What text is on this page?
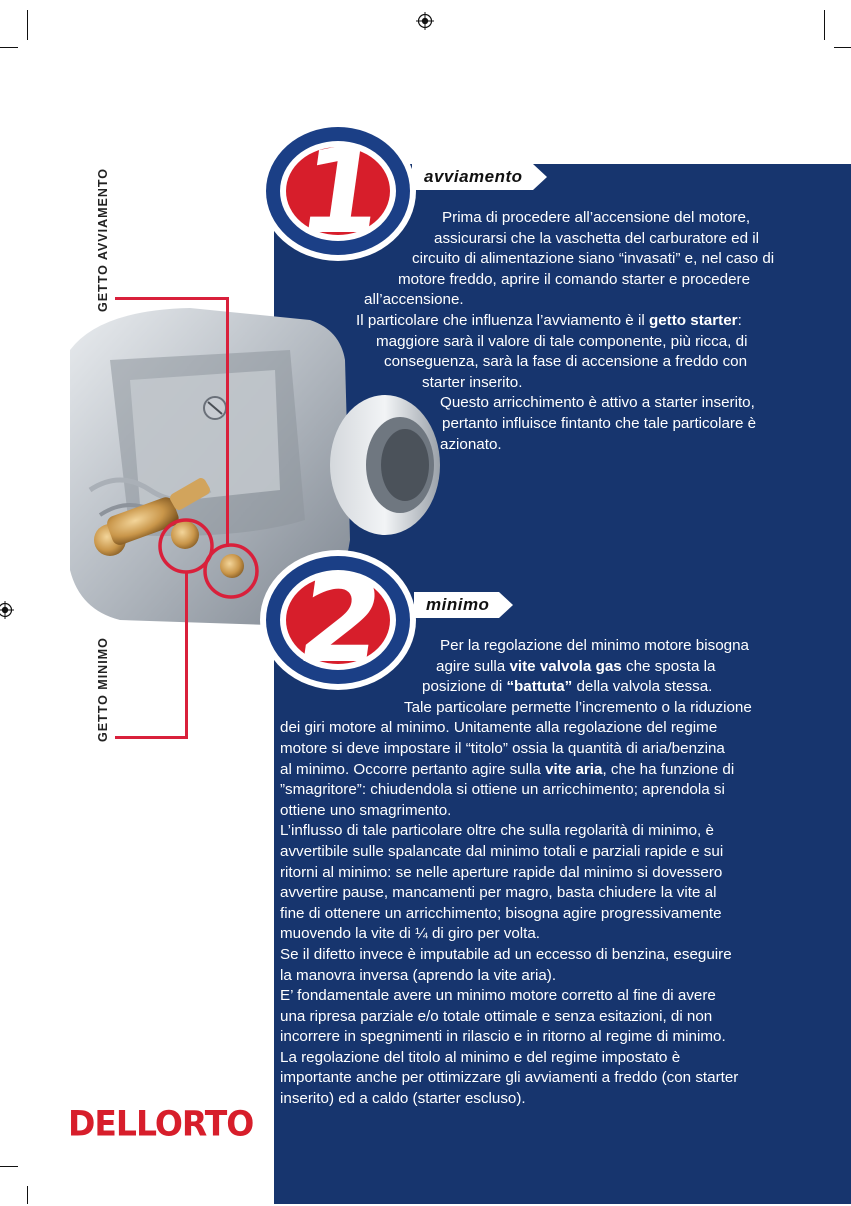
GETTO AVVIAMENTO
GETTO MINIMO
1	avviamento
2	minimo
Prima di procedere all’accensione del motore,
assicurarsi che la vaschetta del carburatore ed il
circuito di alimentazione siano “invasati” e, nel caso di
motore freddo, aprire il comando starter e procedere
all’accensione.
Il particolare che influenza l’avviamento è il getto starter:
maggiore sarà il valore di tale componente, più ricca, di
conseguenza, sarà la fase di accensione a freddo con
starter inserito.
Questo arricchimento è attivo a starter inserito,
pertanto influisce fintanto che tale particolare è
azionato.
Per la regolazione del minimo motore bisogna
agire sulla vite valvola gas che sposta la
posizione di “battuta” della valvola stessa.
Tale particolare permette l’incremento o la riduzione
dei giri motore al minimo. Unitamente alla regolazione del regime
motore si deve impostare il “titolo” ossia la quantità di aria/benzina
al minimo. Occorre pertanto agire sulla vite aria, che ha funzione di
”smagritore”: chiudendola si ottiene un arricchimento; aprendola si
ottiene uno smagrimento.
L’influsso di tale particolare oltre che sulla regolarità di minimo, è
avvertibile sulle spalancate dal minimo totali e parziali rapide e sui
ritorni al minimo: se nelle aperture rapide dal minimo si dovessero
avvertire pause, mancamenti per magro, basta chiudere la vite al
fine di ottenere un arricchimento; bisogna agire progressivamente
muovendo la vite di ¼ di giro per volta.
Se il difetto invece è imputabile ad un eccesso di benzina, eseguire
la manovra inversa (aprendo la vite aria).
E’ fondamentale avere un minimo motore corretto al fine di avere
una ripresa parziale e/o totale ottimale e senza esitazioni, di non
incorrere in spegnimenti in rilascio e in ritorno al regime di minimo.
La regolazione del titolo al minimo e del regime impostato è
importante anche per ottimizzare gli avviamenti a freddo (con starter
inserito) ed a caldo (starter escluso).
DELLORTO
